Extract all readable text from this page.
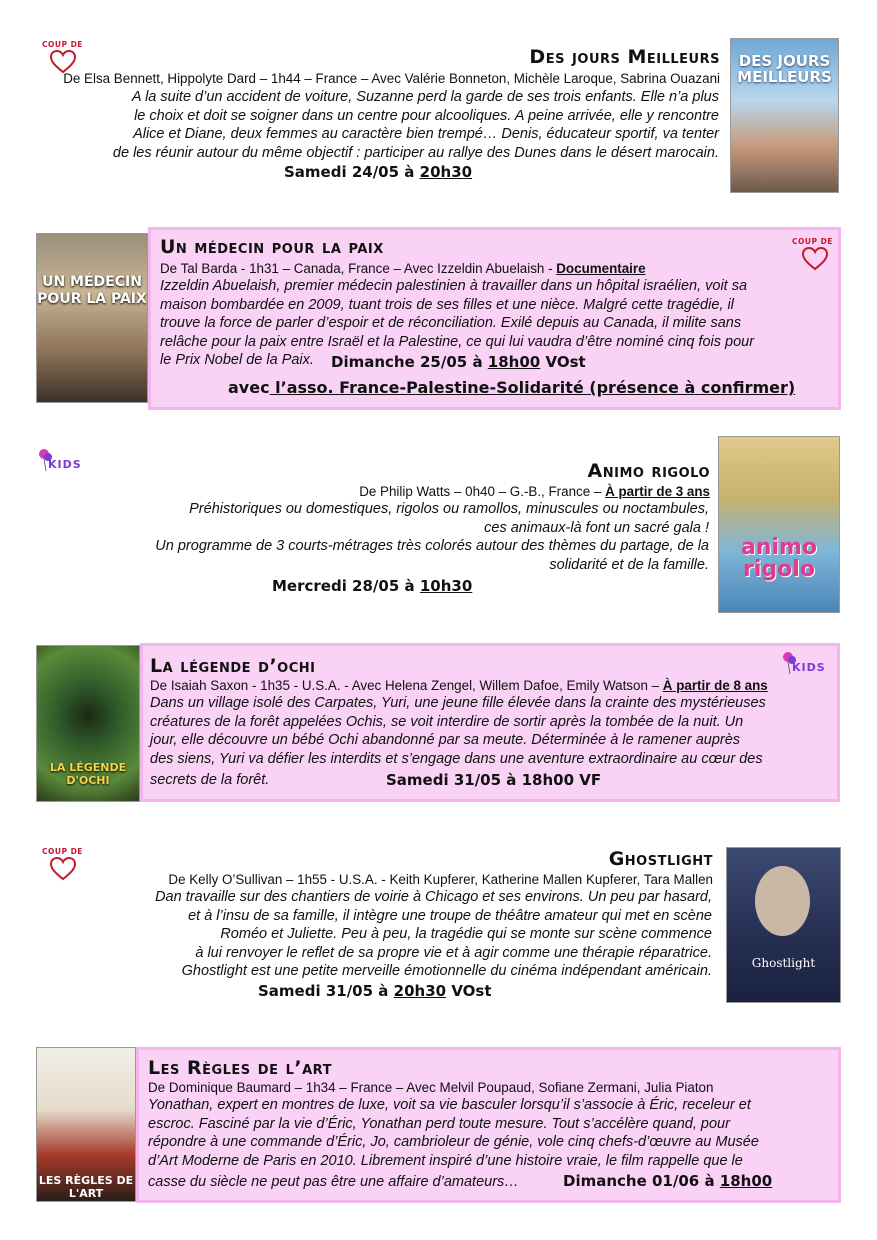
COUP DE
Des jours Meilleurs
De Elsa Bennett, Hippolyte Dard – 1h44 – France – Avec Valérie Bonneton, Michèle Laroque, Sabrina Ouazani
A la suite d’un accident de voiture, Suzanne perd la garde de ses trois enfants. Elle n’a plus
le choix et doit se soigner dans un centre pour alcooliques. A peine arrivée, elle y rencontre
Alice et Diane, deux femmes au caractère bien trempé… Denis, éducateur sportif, va tenter
de les réunir autour du même objectif : participer au rallye des Dunes dans le désert marocain.
Samedi 24/05 à 20h30
DES JOURS MEILLEURS
UN MÉDECIN POUR LA PAIX
Un médecin pour la paix
De Tal Barda - 1h31 – Canada, France – Avec Izzeldin Abuelaish - Documentaire
COUP DE
Izzeldin Abuelaish, premier médecin palestinien à travailler dans un hôpital israélien, voit sa
maison bombardée en 2009, tuant trois de ses filles et une nièce. Malgré cette tragédie, il
trouve la force de parler d’espoir et de réconciliation. Exilé depuis au Canada, il milite sans
relâche pour la paix entre Israël et la Palestine, ce qui lui vaudra d’être nominé cinq fois pour
le Prix Nobel de la Paix.	Dimanche 25/05 à 18h00 VOst
avec l’asso. France-Palestine-Solidarité (présence à confirmer)
KIDS	Animo rigolo
De Philip Watts – 0h40 – G.-B., France – À partir de 3 ans
Préhistoriques ou domestiques, rigolos ou ramollos, minuscules ou noctambules,
ces animaux-là font un sacré gala !
Un programme de 3 courts-métrages très colorés autour des thèmes du partage, de la
solidarité et de la famille.
Mercredi 28/05 à 10h30
animo rigolo
LA LÉGENDE D'OCHI
La légende d’ochi
De Isaiah Saxon - 1h35 - U.S.A. - Avec Helena Zengel, Willem Dafoe, Emily Watson – À partir de 8 ans
KIDS
Dans un village isolé des Carpates, Yuri, une jeune fille élevée dans la crainte des mystérieuses
créatures de la forêt appelées Ochis, se voit interdire de sortir après la tombée de la nuit. Un
jour, elle découvre un bébé Ochi abandonné par sa meute. Déterminée à le ramener auprès
des siens, Yuri va défier les interdits et s’engage dans une aventure extraordinaire au cœur des
secrets de la forêt.	Samedi 31/05 à 18h00 VF
COUP DE	Ghostlight
De Kelly O’Sullivan – 1h55 - U.S.A. - Keith Kupferer, Katherine Mallen Kupferer, Tara Mallen
Dan travaille sur des chantiers de voirie à Chicago et ses environs. Un peu par hasard,
et à l’insu de sa famille, il intègre une troupe de théâtre amateur qui met en scène
Roméo et Juliette. Peu à peu, la tragédie qui se monte sur scène commence
à lui renvoyer le reflet de sa propre vie et à agir comme une thérapie réparatrice.
Ghostlight est une petite merveille émotionnelle du cinéma indépendant américain.
Samedi 31/05 à 20h30 VOst
Ghostlight
LES RÈGLES DE L'ART
Les Règles de l’art
De Dominique Baumard – 1h34 – France – Avec Melvil Poupaud, Sofiane Zermani, Julia Piaton
Yonathan, expert en montres de luxe, voit sa vie basculer lorsqu’il s’associe à Éric, receleur et
escroc. Fasciné par la vie d’Éric, Yonathan perd toute mesure. Tout s’accélère quand, pour
répondre à une commande d’Éric, Jo, cambrioleur de génie, vole cinq chefs-d’œuvre au Musée
d’Art Moderne de Paris en 2010. Librement inspiré d’une histoire vraie, le film rappelle que le
casse du siècle ne peut pas être une affaire d’amateurs…	Dimanche 01/06 à 18h00
